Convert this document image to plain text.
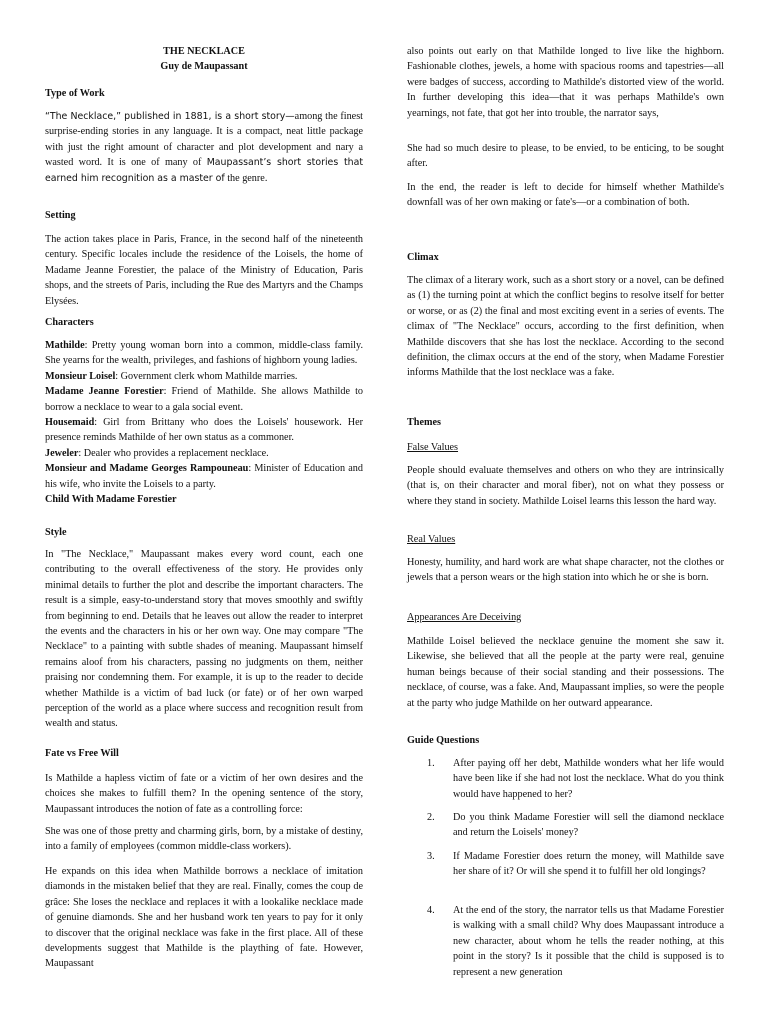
THE NECKLACE
Guy de Maupassant
Type of Work

“The Necklace,” published in 1881, is a short story—among the finest surprise-ending stories in any language. It is a compact, neat little package with just the right amount of character and plot development and nary a wasted word. It is one of many of Maupassant’s short stories that earned him recognition as a master of the genre.

Setting

The action takes place in Paris, France, in the second half of the nineteenth century. Specific locales include the residence of the Loisels, the home of Madame Jeanne Forestier, the palace of the Ministry of Education, Paris shops, and the streets of Paris, including the Rue des Martyrs and the Champs Elysées.

Characters

Mathilde: Pretty young woman born into a common, middle-class family. She yearns for the wealth, privileges, and fashions of highborn young ladies.

Monsieur Loisel: Government clerk whom Mathilde marries.

Madame Jeanne Forestier: Friend of Mathilde. She allows Mathilde to borrow a necklace to wear to a gala social event.

Housemaid: Girl from Brittany who does the Loisels' housework. Her presence reminds Mathilde of her own status as a commoner.

Jeweler: Dealer who provides a replacement necklace.

Monsieur and Madame Georges Rampouneau: Minister of Education and his wife, who invite the Loisels to a party.

Child With Madame Forestier

Style

In "The Necklace," Maupassant makes every word count, each one contributing to the overall effectiveness of the story. He provides only minimal details to further the plot and describe the important characters. The result is a simple, easy-to-understand story that moves smoothly and swiftly from beginning to end. Details that he leaves out allow the reader to interpret the events and the characters in his or her own way. One may compare "The Necklace" to a painting with subtle shades of meaning. Maupassant himself remains aloof from his characters, passing no judgments on them, neither praising nor condemning them. For example, it is up to the reader to decide whether Mathilde is a victim of bad luck (or fate) or of her own warped perception of the world as a place where success and recognition result from wealth and status.

Fate vs Free Will

Is Mathilde a hapless victim of fate or a victim of her own desires and the choices she makes to fulfill them? In the opening sentence of the story, Maupassant introduces the notion of fate as a controlling force:

She was one of those pretty and charming girls, born, by a mistake of destiny, into a family of employees (common middle-class workers).

He expands on this idea when Mathilde borrows a necklace of imitation diamonds in the mistaken belief that they are real. Finally, comes the coup de grâce: She loses the necklace and replaces it with a lookalike necklace made of genuine diamonds. She and her husband work ten years to pay for it only to discover that the original necklace was fake in the first place. All of these developments suggest that Mathilde is the plaything of fate. However, Maupassant

also points out early on that Mathilde longed to live like the highborn. Fashionable clothes, jewels, a home with spacious rooms and tapestries—all were badges of success, according to Mathilde's distorted view of the world. In further developing this idea—that it was perhaps Mathilde's own yearnings, not fate, that got her into trouble, the narrator says,

She had so much desire to please, to be envied, to be enticing, to be sought after.

In the end, the reader is left to decide for himself whether Mathilde's downfall was of her own making or fate's—or a combination of both.

Climax

The climax of a literary work, such as a short story or a novel, can be defined as (1) the turning point at which the conflict begins to resolve itself for better or worse, or as (2) the final and most exciting event in a series of events. The climax of "The Necklace" occurs, according to the first definition, when Mathilde discovers that she has lost the necklace. According to the second definition, the climax occurs at the end of the story, when Madame Forestier informs Mathilde that the lost necklace was a fake.

Themes
False Values

People should evaluate themselves and others on who they are intrinsically (that is, on their character and moral fiber), not on what they possess or where they stand in society. Mathilde Loisel learns this lesson the hard way.

Real Values

Honesty, humility, and hard work are what shape character, not the clothes or jewels that a person wears or the high station into which he or she is born.

Appearances Are Deceiving

Mathilde Loisel believed the necklace genuine the moment she saw it. Likewise, she believed that all the people at the party were real, genuine human beings because of their social standing and their possessions. The necklace, of course, was a fake. And, Maupassant implies, so were the people at the party who judge Mathilde on her outward appearance.

Guide Questions
1. After paying off her debt, Mathilde wonders what her life would have been like if she had not lost the necklace. What do you think would have happened to her?
2. Do you think Madame Forestier will sell the diamond necklace and return the Loisels' money?
3. If Madame Forestier does return the money, will Mathilde save her share of it? Or will she spend it to fulfill her old longings?
4. At the end of the story, the narrator tells us that Madame Forestier is walking with a small child? Why does Maupassant introduce a new character, about whom he tells the reader nothing, at this point in the story? Is it possible that the child is supposed is to represent a new generation
